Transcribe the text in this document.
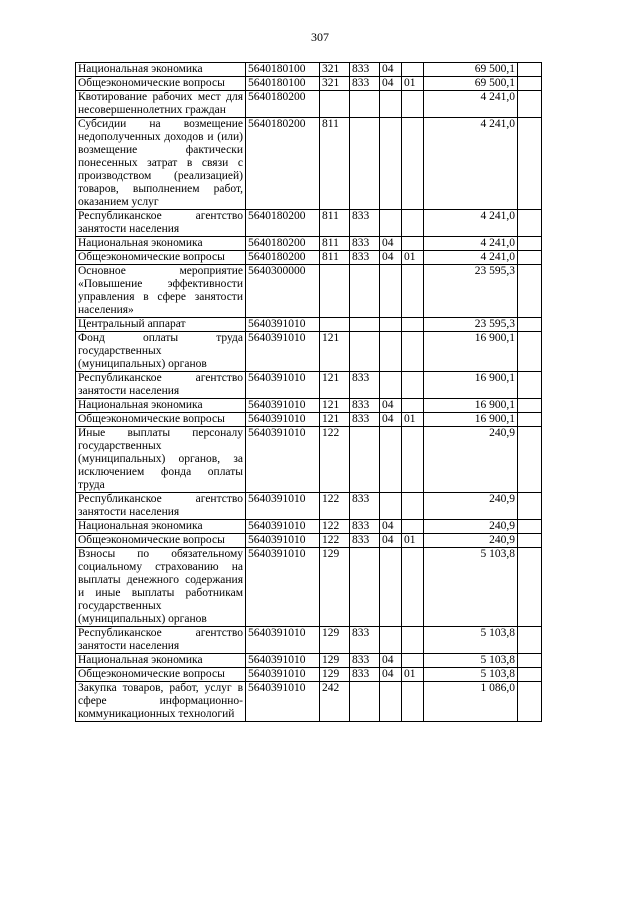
307
Национальная экономика	5640180100	321	833	04		69 500,1	
Общеэкономические вопросы	5640180100	321	833	04	01	69 500,1	
Квотирование рабочих мест для несовершеннолетних граждан	5640180200					4 241,0	
Субсидии на возмещение недополученных доходов и (или) возмещение фактически понесенных затрат в связи с производством (реализацией) товаров, выполнением работ, оказанием услуг	5640180200	811				4 241,0	
Республиканское агентство занятости населения	5640180200	811	833			4 241,0	
Национальная экономика	5640180200	811	833	04		4 241,0	
Общеэкономические вопросы	5640180200	811	833	04	01	4 241,0	
Основное мероприятие «Повышение эффективности управления в сфере занятости населения»	5640300000					23 595,3	
Центральный аппарат	5640391010					23 595,3	
Фонд оплаты труда государственных (муниципальных) органов	5640391010	121				16 900,1	
Республиканское агентство занятости населения	5640391010	121	833			16 900,1	
Национальная экономика	5640391010	121	833	04		16 900,1	
Общеэкономические вопросы	5640391010	121	833	04	01	16 900,1	
Иные выплаты персоналу государственных (муниципальных) органов, за исключением фонда оплаты труда	5640391010	122				240,9	
Республиканское агентство занятости населения	5640391010	122	833			240,9	
Национальная экономика	5640391010	122	833	04		240,9	
Общеэкономические вопросы	5640391010	122	833	04	01	240,9	
Взносы по обязательному социальному страхованию на выплаты денежного содержания и иные выплаты работникам государственных (муниципальных) органов	5640391010	129				5 103,8	
Республиканское агентство занятости населения	5640391010	129	833			5 103,8	
Национальная экономика	5640391010	129	833	04		5 103,8	
Общеэкономические вопросы	5640391010	129	833	04	01	5 103,8	
Закупка товаров, работ, услуг в сфере информационно-коммуникационных технологий	5640391010	242				1 086,0	
